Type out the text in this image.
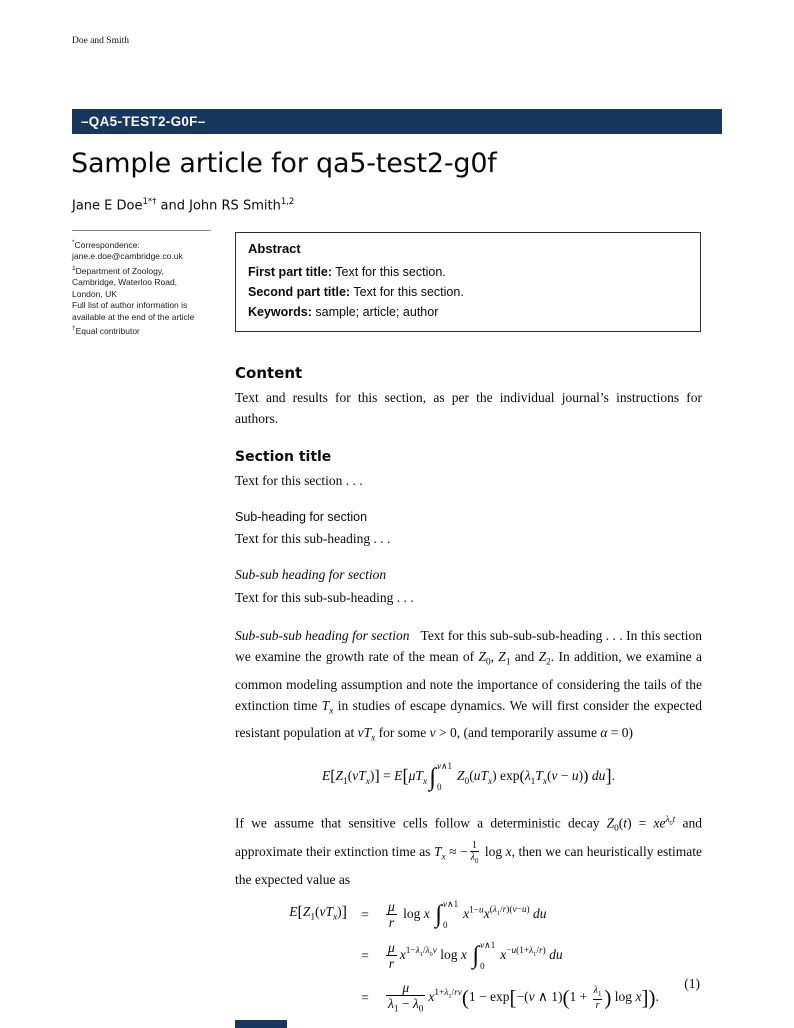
Doe and Smith
–QA5-TEST2-G0F–
Sample article for qa5-test2-g0f
Jane E Doe$^{1*\dagger}$ and John RS Smith$^{1,2}$
*Correspondence:
jane.e.doe@cambridge.co.uk
$^1$Department of Zoology,
Cambridge, Waterloo Road,
London, UK
Full list of author information is
available at the end of the article
†Equal contributor
Abstract
First part title: Text for this section.
Second part title: Text for this section.
Keywords: sample; article; author
Content

Text and results for this section, as per the individual journal’s instructions for authors.

Section title

Text for this section . . .

Sub-heading for section

Text for this sub-heading . . .

Sub-sub heading for section

Text for this sub-sub-heading . . .

Sub-sub-sub heading for section Text for this sub-sub-sub-heading . . . In this section we examine the growth rate of the mean of $Z_0$, $Z_1$ and $Z_2$. In addition, we examine a common modeling assumption and note the importance of considering the tails of the extinction time $T_x$ in studies of escape dynamics. We will first consider the expected resistant population at $vT_x$ for some v > 0, (and temporarily assume α = 0)

$E[Z_1(vT_x)] = E[\mu T_x\int$ v∧1
0
$Z_0(uT_x) \exp(\lambda_1T_x(v - u))$ du].

If we assume that sensitive cells follow a deterministic decay $Z_0(t) = xe^{\lambda_0t}$ and approximate their extinction time as $T_x$ ≈ − $\frac{1}{\lambda_0}$ log x, then we can heuristically estimate the expected value as

$E[Z_1(vT_x)]$	=	$\frac{\mu}{r}$ log x ∫ v∧1
0
$x^{1-u}x^{(\lambda_1/r)(v-u)}$ du
=	$\frac{\mu}{r} x^{1-\lambda_1/\lambda_0v}$ log x ∫ v∧1
0
$x^{-u(1+\lambda_1/r)}$ du
=	$\frac{\mu}{\lambda_1 - \lambda_0} x^{1+\lambda_1/rv}(1 - \exp[-(v$ ∧ $1)(1 + \frac{\lambda_1}{r}$ ) log x]).
(1)
